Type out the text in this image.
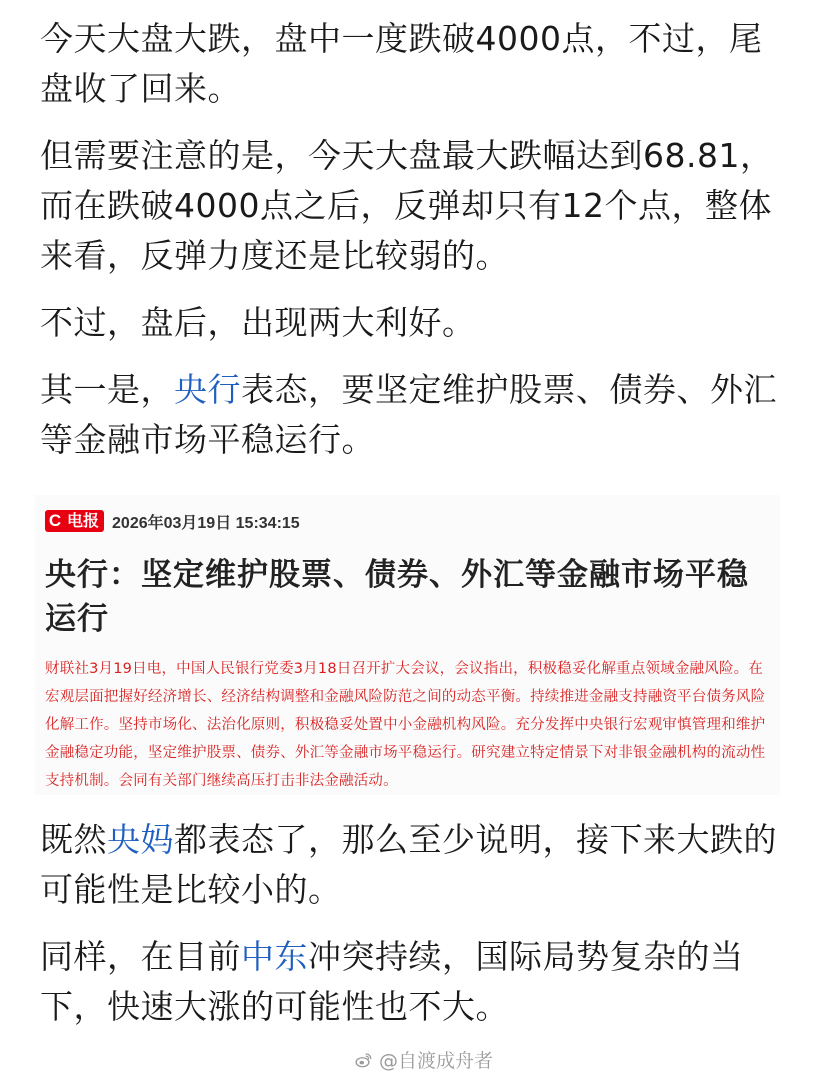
今天大盘大跌，盘中一度跌破4000点，不过，尾盘收了回来。

但需要注意的是，今天大盘最大跌幅达到68.81，而在跌破4000点之后，反弹却只有12个点，整体来看，反弹力度还是比较弱的。

不过，盘后，出现两大利好。

其一是，央行表态，要坚定维护股票、债券、外汇等金融市场平稳运行。

C 电报 2026年03月19日 15:34:15
央行：坚定维护股票、债券、外汇等金融市场平稳运行
财联社3月19日电，中国人民银行党委3月18日召开扩大会议，会议指出，积极稳妥化解重点领域金融风险。在宏观层面把握好经济增长、经济结构调整和金融风险防范之间的动态平衡。持续推进金融支持融资平台债务风险化解工作。坚持市场化、法治化原则，积极稳妥处置中小金融机构风险。充分发挥中央银行宏观审慎管理和维护金融稳定功能，坚定维护股票、债券、外汇等金融市场平稳运行。研究建立特定情景下对非银金融机构的流动性支持机制。会同有关部门继续高压打击非法金融活动。

既然央妈都表态了，那么至少说明，接下来大跌的可能性是比较小的。

同样，在目前中东冲突持续，国际局势复杂的当下，快速大涨的可能性也不大。

@自渡成舟者
